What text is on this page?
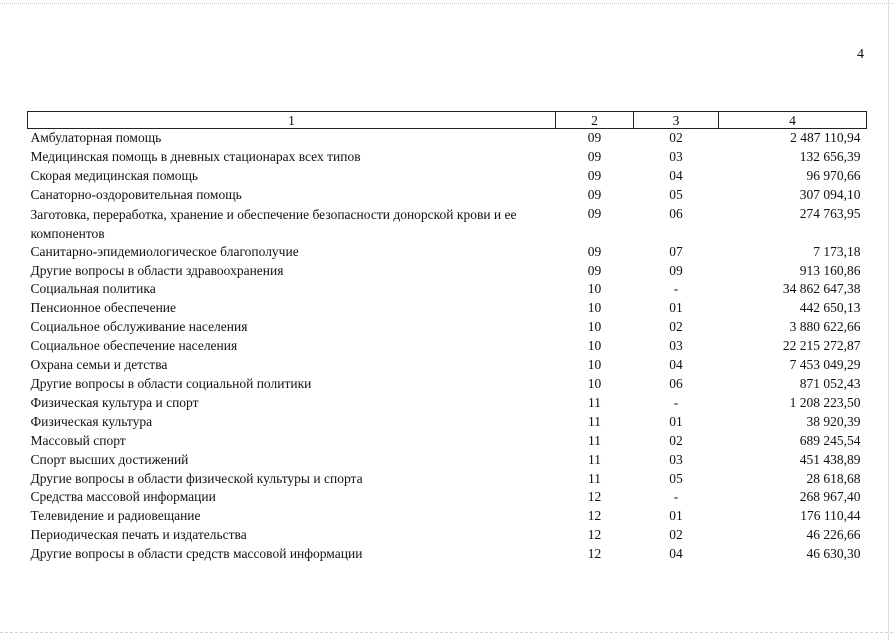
4
1	2	3	4
Амбулаторная помощь	09	02	2 487 110,94
Медицинская помощь в дневных стационарах всех типов	09	03	132 656,39
Скорая медицинская помощь	09	04	96 970,66
Санаторно-оздоровительная помощь	09	05	307 094,10
Заготовка, переработка, хранение и обеспечение безопасности донорской крови и ее компонентов	09	06	274 763,95
Санитарно-эпидемиологическое благополучие	09	07	7 173,18
Другие вопросы в области здравоохранения	09	09	913 160,86
Социальная политика	10	-	34 862 647,38
Пенсионное обеспечение	10	01	442 650,13
Социальное обслуживание населения	10	02	3 880 622,66
Социальное обеспечение населения	10	03	22 215 272,87
Охрана семьи и детства	10	04	7 453 049,29
Другие вопросы в области социальной политики	10	06	871 052,43
Физическая культура и спорт	11	-	1 208 223,50
Физическая культура	11	01	38 920,39
Массовый спорт	11	02	689 245,54
Спорт высших достижений	11	03	451 438,89
Другие вопросы в области физической культуры и спорта	11	05	28 618,68
Средства массовой информации	12	-	268 967,40
Телевидение и радиовещание	12	01	176 110,44
Периодическая печать и издательства	12	02	46 226,66
Другие вопросы в области средств массовой информации	12	04	46 630,30
